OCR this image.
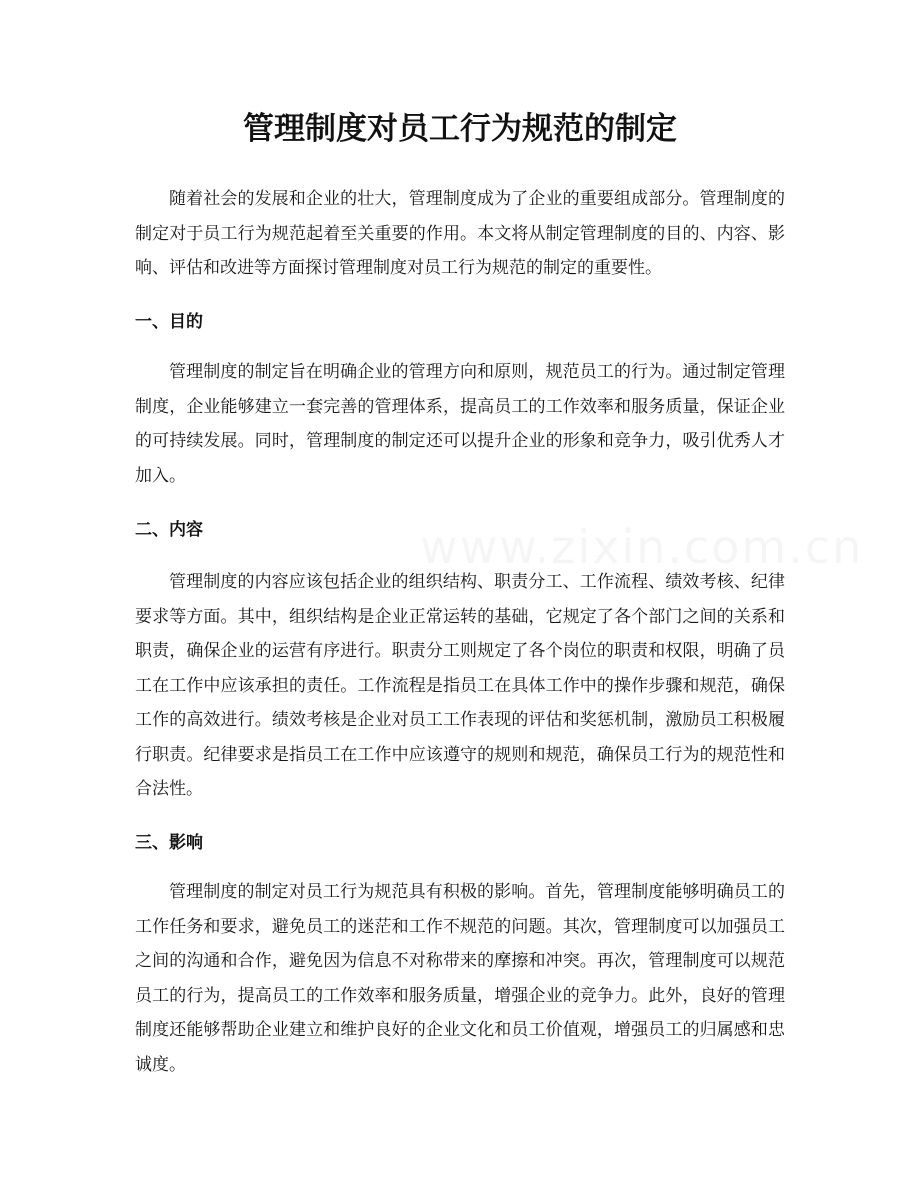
管理制度对员工行为规范的制定

随着社会的发展和企业的壮大，管理制度成为了企业的重要组成部分。管理制度的制定对于员工行为规范起着至关重要的作用。本文将从制定管理制度的目的、内容、影响、评估和改进等方面探讨管理制度对员工行为规范的制定的重要性。

一、目的

管理制度的制定旨在明确企业的管理方向和原则，规范员工的行为。通过制定管理制度，企业能够建立一套完善的管理体系，提高员工的工作效率和服务质量，保证企业的可持续发展。同时，管理制度的制定还可以提升企业的形象和竞争力，吸引优秀人才加入。

二、内容

管理制度的内容应该包括企业的组织结构、职责分工、工作流程、绩效考核、纪律要求等方面。其中，组织结构是企业正常运转的基础，它规定了各个部门之间的关系和职责，确保企业的运营有序进行。职责分工则规定了各个岗位的职责和权限，明确了员工在工作中应该承担的责任。工作流程是指员工在具体工作中的操作步骤和规范，确保工作的高效进行。绩效考核是企业对员工工作表现的评估和奖惩机制，激励员工积极履行职责。纪律要求是指员工在工作中应该遵守的规则和规范，确保员工行为的规范性和合法性。

三、影响

管理制度的制定对员工行为规范具有积极的影响。首先，管理制度能够明确员工的工作任务和要求，避免员工的迷茫和工作不规范的问题。其次，管理制度可以加强员工之间的沟通和合作，避免因为信息不对称带来的摩擦和冲突。再次，管理制度可以规范员工的行为，提高员工的工作效率和服务质量，增强企业的竞争力。此外，良好的管理制度还能够帮助企业建立和维护良好的企业文化和员工价值观，增强员工的归属感和忠诚度。
